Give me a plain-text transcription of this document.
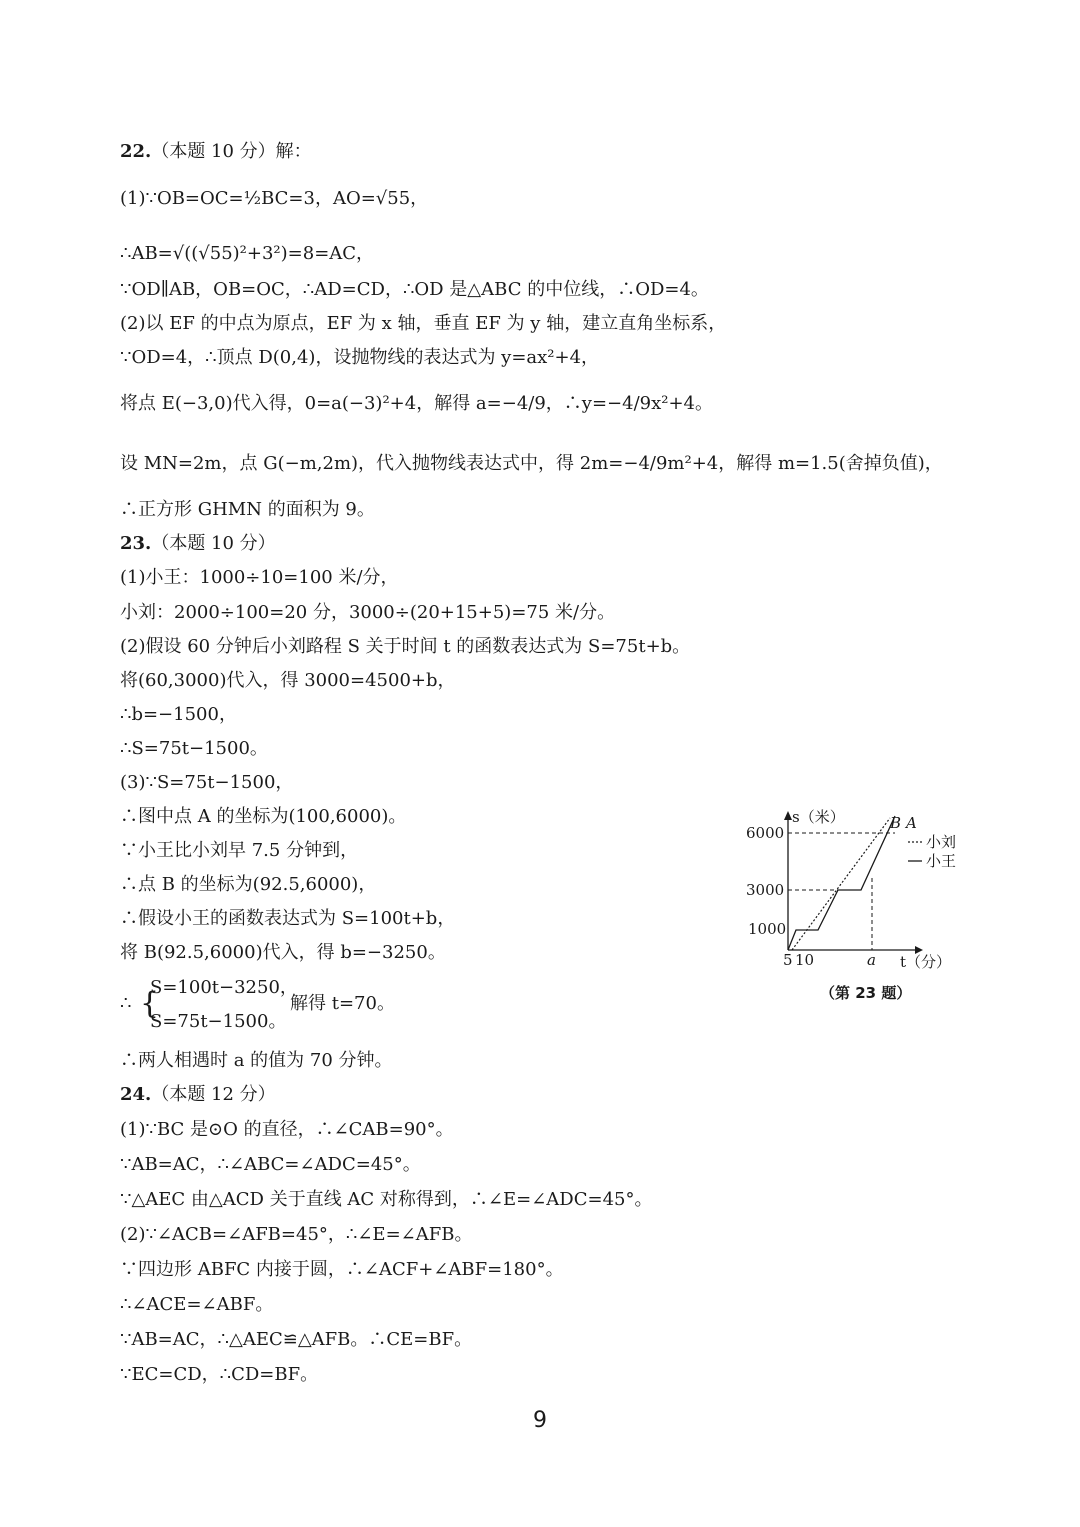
22.（本题 10 分）解：
(1)∵OB=OC=½BC=3，AO=√55，
∴AB=√((√55)²+3²)=8=AC，
∵OD∥AB，OB=OC，∴AD=CD，∴OD 是△ABC 的中位线，∴OD=4。
(2)以 EF 的中点为原点，EF 为 x 轴，垂直 EF 为 y 轴，建立直角坐标系，
∵OD=4，∴顶点 D(0,4)，设抛物线的表达式为 y=ax²+4，
将点 E(−3,0)代入得，0=a(−3)²+4，解得 a=−4/9，∴y=−4/9x²+4。
设 MN=2m，点 G(−m,2m)，代入抛物线表达式中，得 2m=−4/9m²+4，解得 m=1.5(舍掉负值)，
∴正方形 GHMN 的面积为 9。
23.（本题 10 分）
(1)小王：1000÷10=100 米/分，
小刘：2000÷100=20 分，3000÷(20+15+5)=75 米/分。
(2)假设 60 分钟后小刘路程 S 关于时间 t 的函数表达式为 S=75t+b。
将(60,3000)代入，得 3000=4500+b，
∴b=−1500，
∴S=75t−1500。
(3)∵S=75t−1500，
∴图中点 A 的坐标为(100,6000)。
∵小王比小刘早 7.5 分钟到，
∴点 B 的坐标为(92.5,6000)，
∴假设小王的函数表达式为 S=100t+b，
将 B(92.5,6000)代入，得 b=−3250。
∴ {
S=100t−3250，
S=75t−1500。
解得 t=70。
∴两人相遇时 a 的值为 70 分钟。
6000
3000
1000
5 10	a
s（米）
t（分）
B A
小刘
小王
（第 23 题）
24.（本题 12 分）
(1)∵BC 是⊙O 的直径，∴∠CAB=90°。
∵AB=AC，∴∠ABC=∠ADC=45°。
∵△AEC 由△ACD 关于直线 AC 对称得到，∴∠E=∠ADC=45°。
(2)∵∠ACB=∠AFB=45°，∴∠E=∠AFB。
∵四边形 ABFC 内接于圆，∴∠ACF+∠ABF=180°。
∴∠ACE=∠ABF。
∵AB=AC，∴△AEC≌△AFB。∴CE=BF。
∵EC=CD，∴CD=BF。
9
